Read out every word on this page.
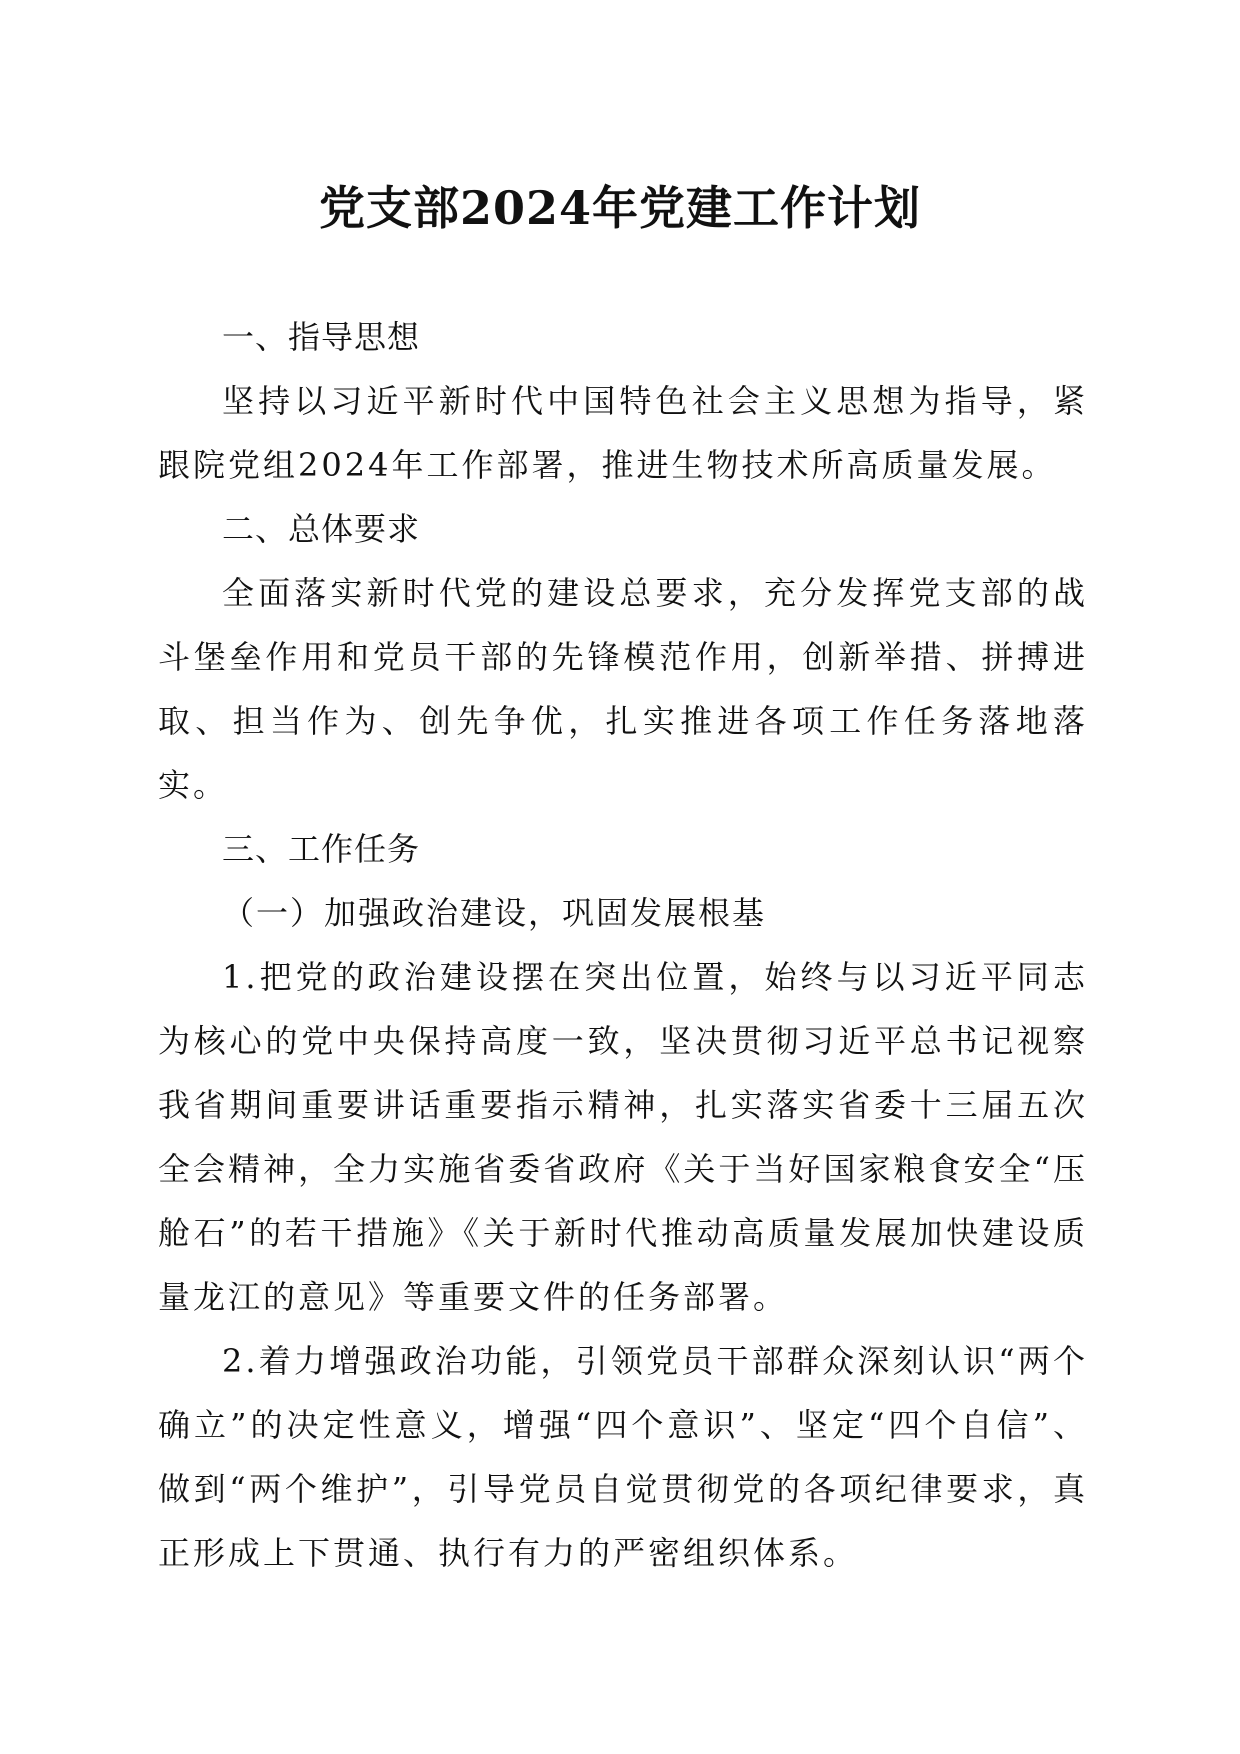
党支部2024年党建工作计划

一、指导思想

坚持以习近平新时代中国特色社会主义思想为指导，紧跟院党组2024年工作部署，推进生物技术所高质量发展。

二、总体要求

全面落实新时代党的建设总要求，充分发挥党支部的战斗堡垒作用和党员干部的先锋模范作用，创新举措、拼搏进取、担当作为、创先争优，扎实推进各项工作任务落地落实。

三、工作任务

（一）加强政治建设，巩固发展根基

1.把党的政治建设摆在突出位置，始终与以习近平同志为核心的党中央保持高度一致，坚决贯彻习近平总书记视察我省期间重要讲话重要指示精神，扎实落实省委十三届五次全会精神，全力实施省委省政府《关于当好国家粮食安全“压舱石”的若干措施》《关于新时代推动高质量发展加快建设质量龙江的意见》等重要文件的任务部署。

2.着力增强政治功能，引领党员干部群众深刻认识“两个确立”的决定性意义，增强“四个意识”、坚定“四个自信”、做到“两个维护”，引导党员自觉贯彻党的各项纪律要求，真正形成上下贯通、执行有力的严密组织体系。
